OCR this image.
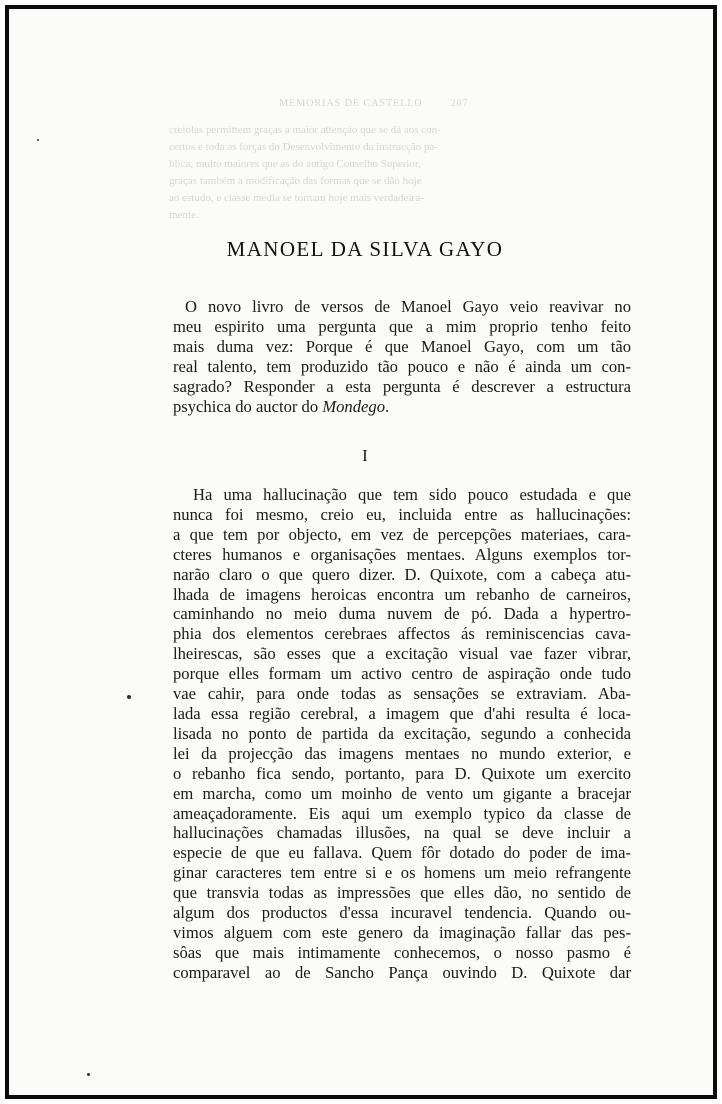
MEMORIAS DE CASTELLO	207
creiolas permittem graças a maior attenção que se dá aos con-
certos e toda as forças do Desenvolvimento da instrucção pa-
blica, muito maiores que as do antigo Conselho Superior,
graças também a modificação das formas que se dão hoje
ao estudo, e classe media se tornam hoje mais verdadeira-
mente.
MANOEL DA SILVA GAYO

O novo livro de versos de Manoel Gayo veio reavivar no
meu espirito uma pergunta que a mim proprio tenho feito
mais duma vez: Porque é que Manoel Gayo, com um tão
real talento, tem produzido tão pouco e não é ainda um con-
sagrado? Responder a esta pergunta é descrever a estructura
psychica do auctor do Mondego.

I

Ha uma hallucinação que tem sido pouco estudada e que
nunca foi mesmo, creio eu, incluida entre as hallucinações:
a que tem por objecto, em vez de percepções materiaes, cara-
cteres humanos e organisações mentaes. Alguns exemplos tor-
narão claro o que quero dizer. D. Quixote, com a cabeça atu-
lhada de imagens heroicas encontra um rebanho de carneiros,
caminhando no meio duma nuvem de pó. Dada a hypertro-
phia dos elementos cerebraes affectos ás reminiscencias cava-
lheirescas, são esses que a excitação visual vae fazer vibrar,
porque elles formam um activo centro de aspiração onde tudo
vae cahir, para onde todas as sensações se extraviam. Aba-
lada essa região cerebral, a imagem que d'ahi resulta é loca-
lisada no ponto de partida da excitação, segundo a conhecida
lei da projecção das imagens mentaes no mundo exterior, e
o rebanho fica sendo, portanto, para D. Quixote um exercito
em marcha, como um moinho de vento um gigante a bracejar
ameaçadoramente. Eis aqui um exemplo typico da classe de
hallucinações chamadas illusões, na qual se deve incluir a
especie de que eu fallava. Quem fôr dotado do poder de ima-
ginar caracteres tem entre si e os homens um meio refrangente
que transvia todas as impressões que elles dão, no sentido de
algum dos productos d'essa incuravel tendencia. Quando ou-
vimos alguem com este genero da imaginação fallar das pes-
sôas que mais intimamente conhecemos, o nosso pasmo é
comparavel ao de Sancho Pança ouvindo D. Quixote dar
